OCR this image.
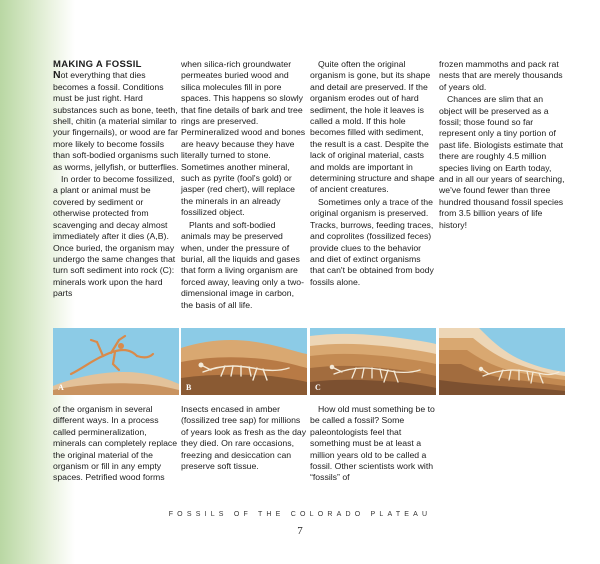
MAKING A FOSSIL

Not everything that dies becomes a fossil. Conditions must be just right. Hard substances such as bone, teeth, shell, chitin (a material similar to your fingernails), or wood are far more likely to become fossils than soft-bodied organisms such as worms, jellyfish, or butterflies.

In order to become fossilized, a plant or animal must be covered by sediment or otherwise protected from scavenging and decay almost immediately after it dies (A,B). Once buried, the organism may undergo the same changes that turn soft sediment into rock (C): minerals work upon the hard parts

when silica-rich groundwater permeates buried wood and silica molecules fill in pore spaces. This happens so slowly that fine details of bark and tree rings are preserved. Permineralized wood and bones are heavy because they have literally turned to stone. Sometimes another mineral, such as pyrite (fool's gold) or jasper (red chert), will replace the minerals in an already fossilized object.

Plants and soft-bodied animals may be preserved when, under the pressure of burial, all the liquids and gases that form a living organism are forced away, leaving only a two-dimensional image in carbon, the basis of all life.

Quite often the original organism is gone, but its shape and detail are preserved. If the organism erodes out of hard sediment, the hole it leaves is called a mold. If this hole becomes filled with sediment, the result is a cast. Despite the lack of original material, casts and molds are important in determining structure and shape of ancient creatures.

Sometimes only a trace of the original organism is preserved. Tracks, burrows, feeding traces, and coprolites (fossilized feces) provide clues to the behavior and diet of extinct organisms that can't be obtained from body fossils alone.

frozen mammoths and pack rat nests that are merely thousands of years old.

Chances are slim that an object will be preserved as a fossil; those found so far represent only a tiny portion of past life. Biologists estimate that there are roughly 4.5 million species living on Earth today, and in all our years of searching, we've found fewer than three hundred thousand fossil species from 3.5 billion years of life history!

A	B	C

of the organism in several different ways. In a process called permineralization, minerals can completely replace the original material of the organism or fill in any empty spaces. Petrified wood forms

Insects encased in amber (fossilized tree sap) for millions of years look as fresh as the day they died. On rare occasions, freezing and desiccation can preserve soft tissue.

How old must something be to be called a fossil? Some paleontologists feel that something must be at least a million years old to be called a fossil. Other scientists work with “fossils” of

FOSSILS OF THE COLORADO PLATEAU
7
